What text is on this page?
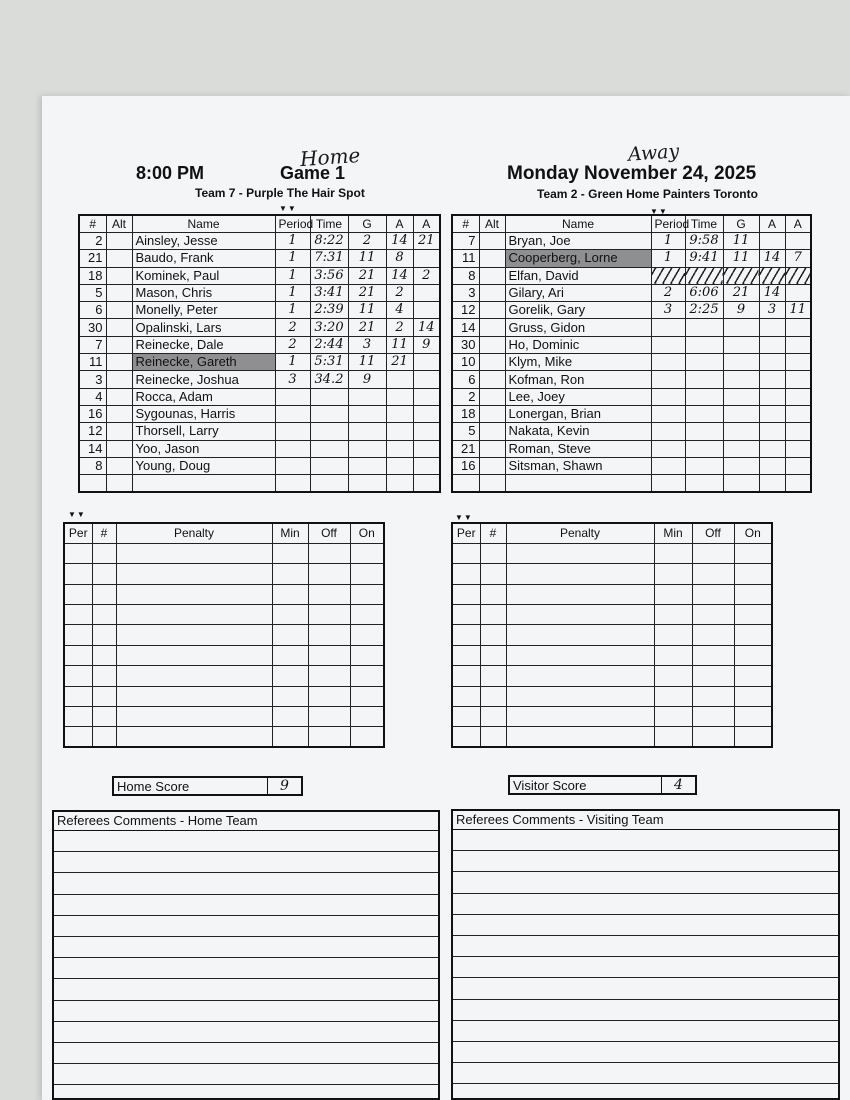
8:00 PM	Game 1	Monday November 24, 2025
Team 7 - Purple The Hair Spot	Team 2 - Green Home Painters Toronto
Home	Away
▼▼	▼▼
▼▼	▼▼
#	Alt	Name	Period	Time	G	A	A
2		Ainsley, Jesse	1	8:22	2	14	21
21		Baudo, Frank	1	7:31	11	8	
18		Kominek, Paul	1	3:56	21	14	2
5		Mason, Chris	1	3:41	21	2	
6		Monelly, Peter	1	2:39	11	4	
30		Opalinski, Lars	2	3:20	21	2	14
7		Reinecke, Dale	2	2:44	3	11	9
11		Reinecke, Gareth	1	5:31	11	21	
3		Reinecke, Joshua	3	34.2	9		
4		Rocca, Adam					
16		Sygounas, Harris					
12		Thorsell, Larry					
14		Yoo, Jason					
8		Young, Doug					

#	Alt	Name	Period	Time	G	A	A
7		Bryan, Joe	1	9:58	11		
11		Cooperberg, Lorne	1	9:41	11	14	7
8		Elfan, David					
3		Gilary, Ari	2	6:06	21	14	
12		Gorelik, Gary	3	2:25	9	3	11
14		Gruss, Gidon					
30		Ho, Dominic					
10		Klym, Mike					
6		Kofman, Ron					
2		Lee, Joey					
18		Lonergan, Brian					
5		Nakata, Kevin					
21		Roman, Steve					
16		Sitsman, Shawn					

Per	#	Penalty	Min	Off	On

						Per	#	Penalty	Min	Off	On

Home Score	9	Visitor Score	4
Referees Comments - Home Team	Referees Comments - Visiting Team
